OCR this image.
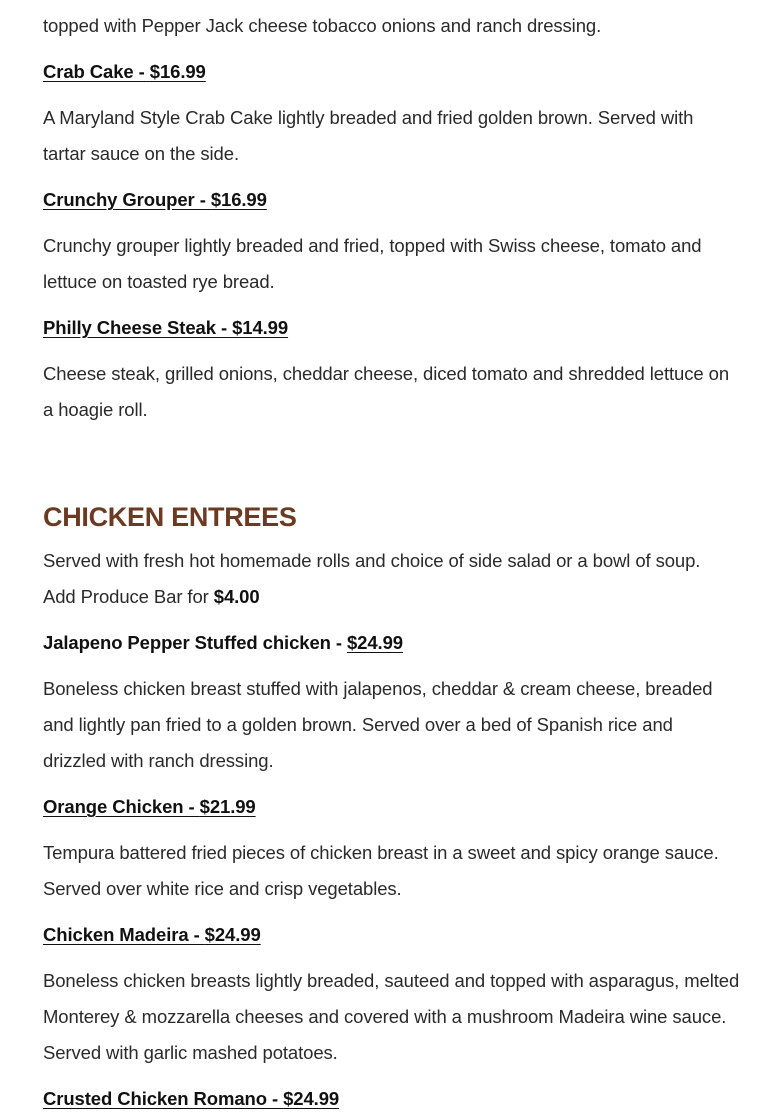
topped with Pepper Jack cheese tobacco onions and ranch dressing.

Crab Cake - $16.99

A Maryland Style Crab Cake lightly breaded and fried golden brown. Served with tartar sauce on the side.

Crunchy Grouper - $16.99

Crunchy grouper lightly breaded and fried, topped with Swiss cheese, tomato and lettuce on toasted rye bread.

Philly Cheese Steak - $14.99

Cheese steak, grilled onions, cheddar cheese, diced tomato and shredded lettuce on a hoagie roll.

CHICKEN ENTREES

Served with fresh hot homemade rolls and choice of side salad or a bowl of soup. Add Produce Bar for $4.00

Jalapeno Pepper Stuffed chicken - $24.99

Boneless chicken breast stuffed with jalapenos, cheddar & cream cheese, breaded and lightly pan fried to a golden brown. Served over a bed of Spanish rice and drizzled with ranch dressing.

Orange Chicken - $21.99

Tempura battered fried pieces of chicken breast in a sweet and spicy orange sauce. Served over white rice and crisp vegetables.

Chicken Madeira - $24.99

Boneless chicken breasts lightly breaded, sauteed and topped with asparagus, melted Monterey & mozzarella cheeses and covered with a mushroom Madeira wine sauce. Served with garlic mashed potatoes.

Crusted Chicken Romano - $24.99
